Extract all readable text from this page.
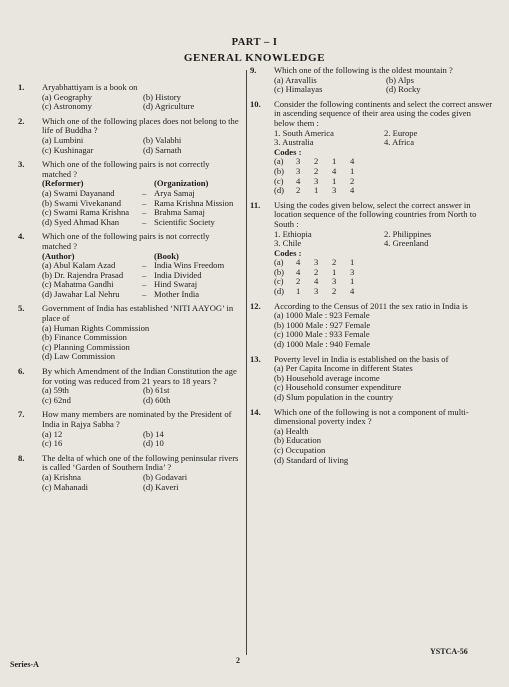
PART – I
GENERAL KNOWLEDGE
1.	Aryabhattiyam is a book on
(a) Geography	(b) History
(c) Astronomy	(d) Agriculture
2.	Which one of the following places does not belong to the life of Buddha ?
(a) Lumbini	(b) Valabhi
(c) Kushinagar	(d) Sarnath
3.	Which one of the following pairs is not correctly matched ?
(Reformer)	(Organization)
(a) Swami Dayanand	– Arya Samaj
(b) Swami Vivekanand	– Rama Krishna Mission
(c) Swami Rama Krishna	– Brahma Samaj
(d) Syed Ahmad Khan	– Scientific Society
4.	Which one of the following pairs is not correctly matched ?
(Author)	(Book)
(a) Abul Kalam Azad	– India Wins Freedom
(b) Dr. Rajendra Prasad	– India Divided
(c) Mahatma Gandhi	– Hind Swaraj
(d) Jawahar Lal Nehru	– Mother India
5.	Government of India has established ‘NITI AAYOG’ in place of
(a) Human Rights Commission
(b) Finance Commission
(c) Planning Commission
(d) Law Commission
6.	By which Amendment of the Indian Constitution the age for voting was reduced from 21 years to 18 years ?
(a) 59th	(b) 61st
(c) 62nd	(d) 60th
7.	How many members are nominated by the President of India in Rajya Sabha ?
(a) 12	(b) 14
(c) 16	(d) 10
8.	The delta of which one of the following peninsular rivers is called ‘Garden of Southern India’ ?
(a) Krishna	(b) Godavari
(c) Mahanadi	(d) Kaveri
9.	Which one of the following is the oldest mountain ?
(a) Aravallis	(b) Alps
(c) Himalayas	(d) Rocky
10.	Consider the following continents and select the correct answer in ascending sequence of their area using the codes given below them :
1. South America	2. Europe
3. Australia	4. Africa
Codes :
(a)	3	2	1	4
(b)	3	2	4	1
(c)	4	3	1	2
(d)	2	1	3	4
11.	Using the codes given below, select the correct answer in location sequence of the following countries from North to South :
1. Ethiopia	2. Philippines
3. Chile	4. Greenland
Codes :
(a)	4	3	2	1
(b)	4	2	1	3
(c)	2	4	3	1
(d)	1	3	2	4
12.	According to the Census of 2011 the sex ratio in India is
(a) 1000 Male : 923 Female
(b) 1000 Male : 927 Female
(c) 1000 Male : 933 Female
(d) 1000 Male : 940 Female
13.	Poverty level in India is established on the basis of
(a) Per Capita Income in different States
(b) Household average income
(c) Household consumer expenditure
(d) Slum population in the country
14.	Which one of the following is not a component of multi-dimensional poverty index ?
(a) Health
(b) Education
(c) Occupation
(d) Standard of living
Series-A	2
YSTCA-56
